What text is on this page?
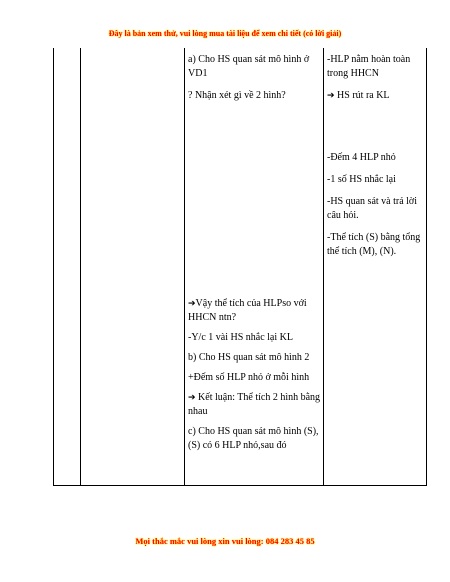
Đây là bản xem thử, vui lòng mua tài liệu để xem chi tiết (có lời giải)

a) Cho HS quan sát mô hình ở VD1

? Nhận xét gì về 2 hình?

➔Vậy thể tích của HLPso với HHCN ntn?

-Y/c 1 vài HS nhắc lại KL

b) Cho HS quan sát mô hình 2

+Đếm số HLP nhỏ ở mỗi hình

➔ Kết luận: Thể tích 2 hình bằng nhau

c) Cho HS quan sát mô hình (S), (S) có 6 HLP nhỏ,sau đó

-HLP nằm hoàn toàn trong HHCN

➔ HS rút ra KL

-Đếm 4 HLP nhỏ

-1 số HS nhắc lại

-HS quan sát và trả lời câu hỏi.

-Thể tích (S) bằng tổng thể tích (M), (N).

Mọi thắc mắc vui lòng xin vui lòng: 084 283 45 85
